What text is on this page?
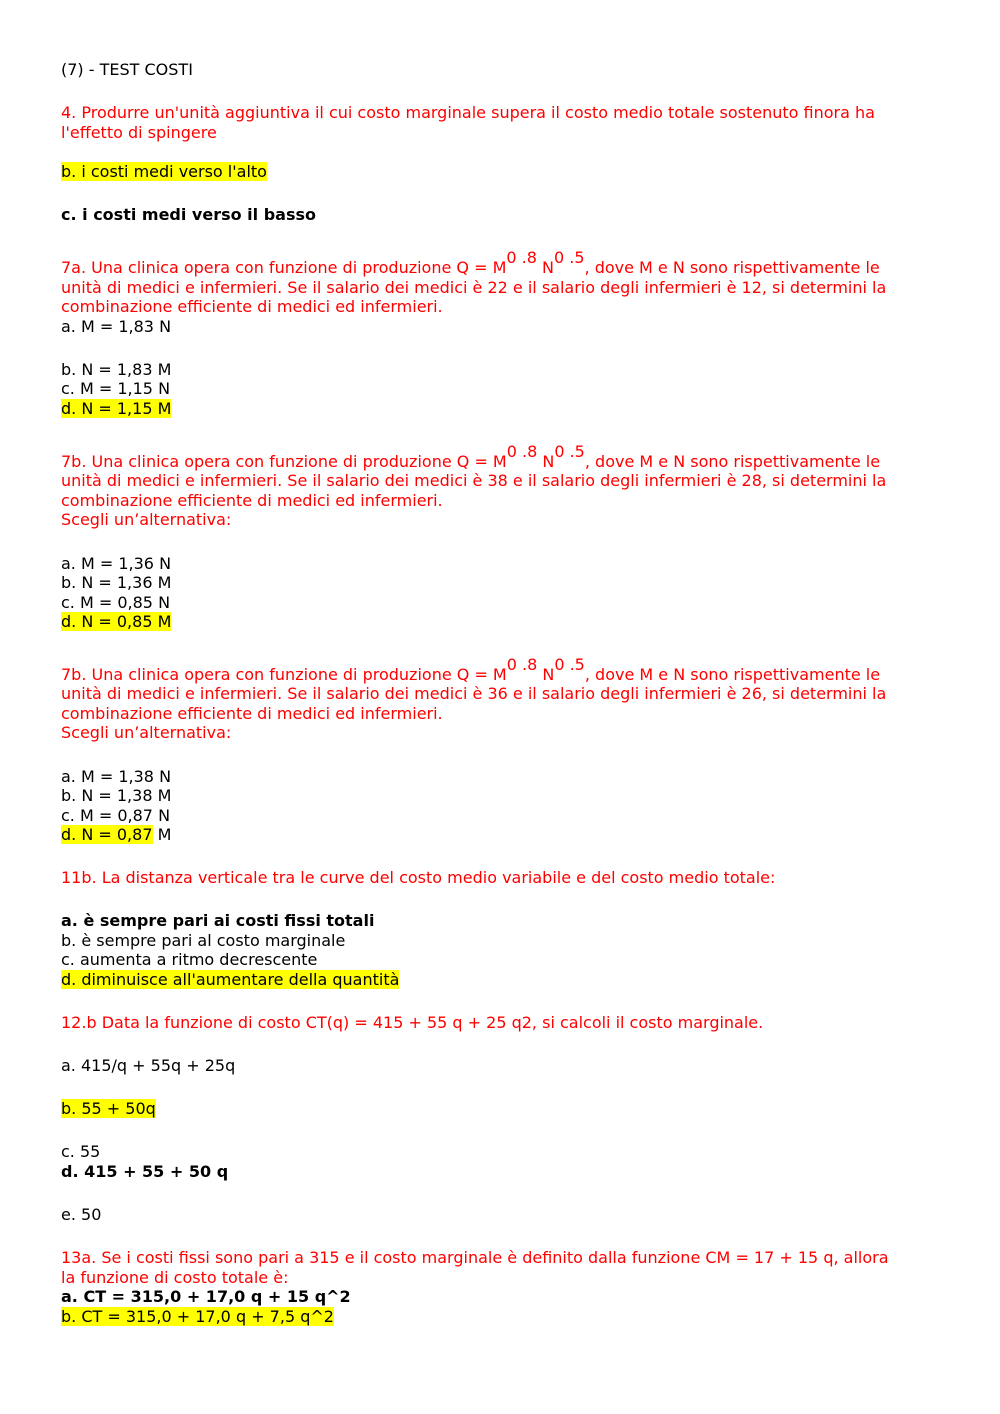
(7) - TEST COSTI
4. Produrre un'unità aggiuntiva il cui costo marginale supera il costo medio totale sostenuto finora ha
l'effetto di spingere
b. i costi medi verso l'alto
c. i costi medi verso il basso
7a. Una clinica opera con funzione di produzione $Q = M^{0 .8}$ $N^{0 .5}$, dove M e N sono rispettivamente le
unità di medici e infermieri. Se il salario dei medici è 22 e il salario degli infermieri è 12, si determini la
combinazione efficiente di medici ed infermieri.
a. M = 1,83 N
b. N = 1,83 M
c. M = 1,15 N
d. N = 1,15 M
7b. Una clinica opera con funzione di produzione $Q = M^{0 .8}$ $N^{0 .5}$, dove M e N sono rispettivamente le
unità di medici e infermieri. Se il salario dei medici è 38 e il salario degli infermieri è 28, si determini la
combinazione efficiente di medici ed infermieri.
Scegli un’alternativa:
a. M = 1,36 N
b. N = 1,36 M
c. M = 0,85 N
d. N = 0,85 M
7b. Una clinica opera con funzione di produzione $Q = M^{0 .8}$ $N^{0 .5}$, dove M e N sono rispettivamente le
unità di medici e infermieri. Se il salario dei medici è 36 e il salario degli infermieri è 26, si determini la
combinazione efficiente di medici ed infermieri.
Scegli un’alternativa:
a. M = 1,38 N
b. N = 1,38 M
c. M = 0,87 N
d. N = 0,87 M
11b. La distanza verticale tra le curve del costo medio variabile e del costo medio totale:
a. è sempre pari ai costi fissi totali
b. è sempre pari al costo marginale
c. aumenta a ritmo decrescente
d. diminuisce all'aumentare della quantità
12.b Data la funzione di costo CT(q) = 415 + 55 q + 25 q2, si calcoli il costo marginale.
a. 415/q + 55q + 25q
b. 55 + 50q
c. 55
d. 415 + 55 + 50 q
e. 50
13a. Se i costi fissi sono pari a 315 e il costo marginale è definito dalla funzione CM = 17 + 15 q, allora
la funzione di costo totale è:
a. CT = 315,0 + 17,0 q + 15 q^2
b. CT = 315,0 + 17,0 q + 7,5 q^2
